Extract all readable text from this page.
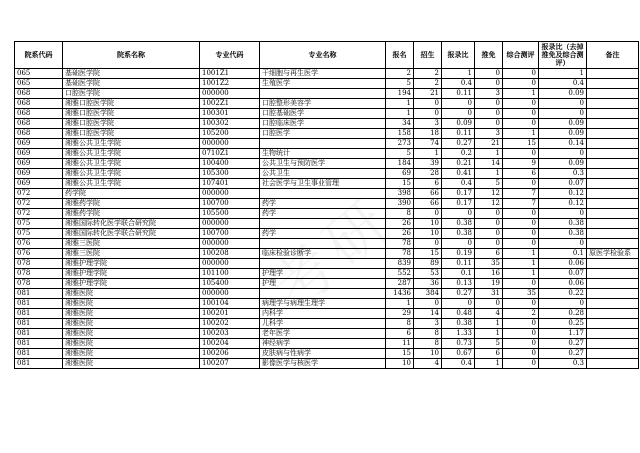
院系代码	院系名称	专业代码	专业名称	报名	招生	报录比	推免	综合测评	报录比（去掉推免及综合测评）	备注
065	基础医学院	1001Z1	干细胞与再生医学	2	2	1	0	0	1	
065	基础医学院	1001Z2	生殖医学	5	2	0.4	0	0	0.4	
068	口腔医学院	000000		194	21	0.11	3	1	0.09	
068	湘雅口腔医学院	1002Z1	口腔整形美容学	1	0	0	0	0	0	
068	湘雅口腔医学院	100301	口腔基础医学	1	0	0	0	0	0	
068	湘雅口腔医学院	100302	口腔临床医学	34	3	0.09	0	0	0.09	
068	湘雅口腔医学院	105200	口腔医学	158	18	0.11	3	1	0.09	
069	湘雅公共卫生学院	000000		273	74	0.27	21	15	0.14	
069	湘雅公共卫生学院	0710Z1	生物统计	5	1	0.2	1	0	0	
069	湘雅公共卫生学院	100400	公共卫生与预防医学	184	39	0.21	14	9	0.09	
069	湘雅公共卫生学院	105300	公共卫生	69	28	0.41	1	6	0.3	
069	湘雅公共卫生学院	107401	社会医学与卫生事业管理	15	6	0.4	5	0	0.07	
072	药学院	000000		398	66	0.17	12	7	0.12	
072	湘雅药学院	100700	药学	390	66	0.17	12	7	0.12	
072	湘雅药学院	105500	药学	8	0	0	0	0	0	
075	湘雅国际转化医学联合研究院	000000		26	10	0.38	0	0	0.38	
075	湘雅国际转化医学联合研究院	100700	药学	26	10	0.38	0	0	0.38	
076	湘雅三医院	000000		78	0	0	0	0	0	
076	湘雅三医院	100208	临床检验诊断学	78	15	0.19	6	1	0.1	原医学检验系
078	湘雅护理学院	000000		839	89	0.11	35	1	0.06	
078	湘雅护理学院	101100	护理学	552	53	0.1	16	1	0.07	
078	湘雅护理学院	105400	护理	287	36	0.13	19	0	0.06	
081	湘雅医院	000000		1436	384	0.27	31	35	0.22	
081	湘雅医院	100104	病理学与病理生理学	1	0	0	0	0	0	
081	湘雅医院	100201	内科学	29	14	0.48	4	2	0.28	
081	湘雅医院	100202	儿科学	8	3	0.38	1	0	0.25	
081	湘雅医院	100203	老年医学	6	8	1.33	1	0	1.17	
081	湘雅医院	100204	神经病学	11	8	0.73	5	0	0.27	
081	湘雅医院	100206	皮肤病与性病学	15	10	0.67	6	0	0.27	
081	湘雅医院	100207	影像医学与核医学	10	4	0.4	1	0	0.3	
